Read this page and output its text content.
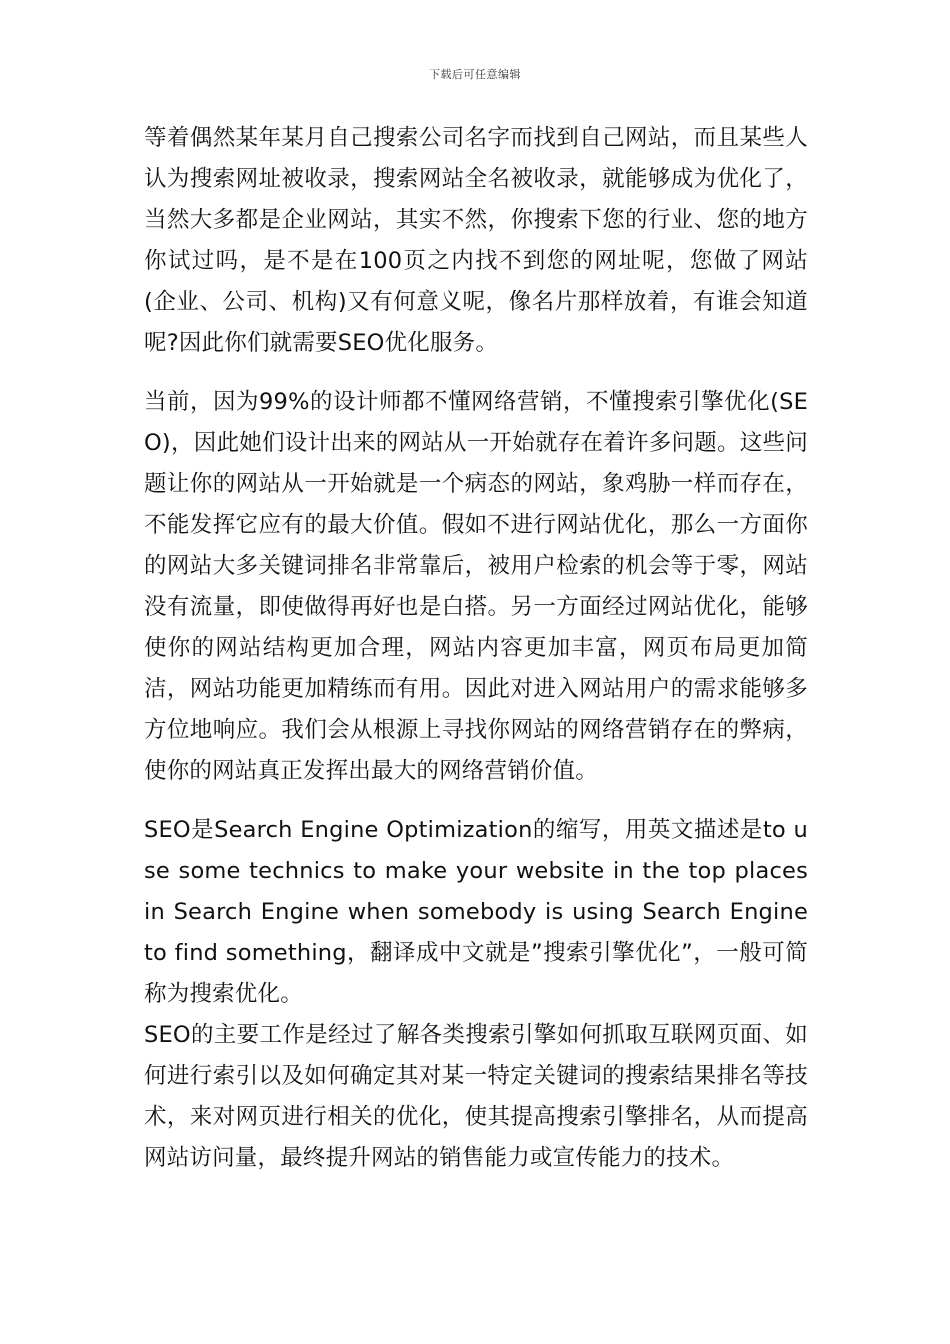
下载后可任意编辑

等着偶然某年某月自己搜索公司名字而找到自己网站，而且某些人认为搜索网址被收录，搜索网站全名被收录，就能够成为优化了，当然大多都是企业网站，其实不然，你搜索下您的行业、您的地方你试过吗，是不是在100页之内找不到您的网址呢，您做了网站(企业、公司、机构)又有何意义呢，像名片那样放着，有谁会知道呢?因此你们就需要SEO优化服务。

当前，因为99%的设计师都不懂网络营销，不懂搜索引擎优化(SEO)，因此她们设计出来的网站从一开始就存在着许多问题。这些问题让你的网站从一开始就是一个病态的网站，象鸡胁一样而存在，不能发挥它应有的最大价值。假如不进行网站优化，那么一方面你的网站大多关键词排名非常靠后，被用户检索的机会等于零，网站没有流量，即使做得再好也是白搭。另一方面经过网站优化，能够使你的网站结构更加合理，网站内容更加丰富，网页布局更加简洁，网站功能更加精练而有用。因此对进入网站用户的需求能够多方位地响应。我们会从根源上寻找你网站的网络营销存在的弊病，使你的网站真正发挥出最大的网络营销价值。

SEO是Search Engine Optimization的缩写，用英文描述是to use some technics to make your website in the top places in Search Engine when somebody is using Search Engine to find something，翻译成中文就是”搜索引擎优化”，一般可简称为搜索优化。

SEO的主要工作是经过了解各类搜索引擎如何抓取互联网页面、如何进行索引以及如何确定其对某一特定关键词的搜索结果排名等技术，来对网页进行相关的优化，使其提高搜索引擎排名，从而提高网站访问量，最终提升网站的销售能力或宣传能力的技术。
